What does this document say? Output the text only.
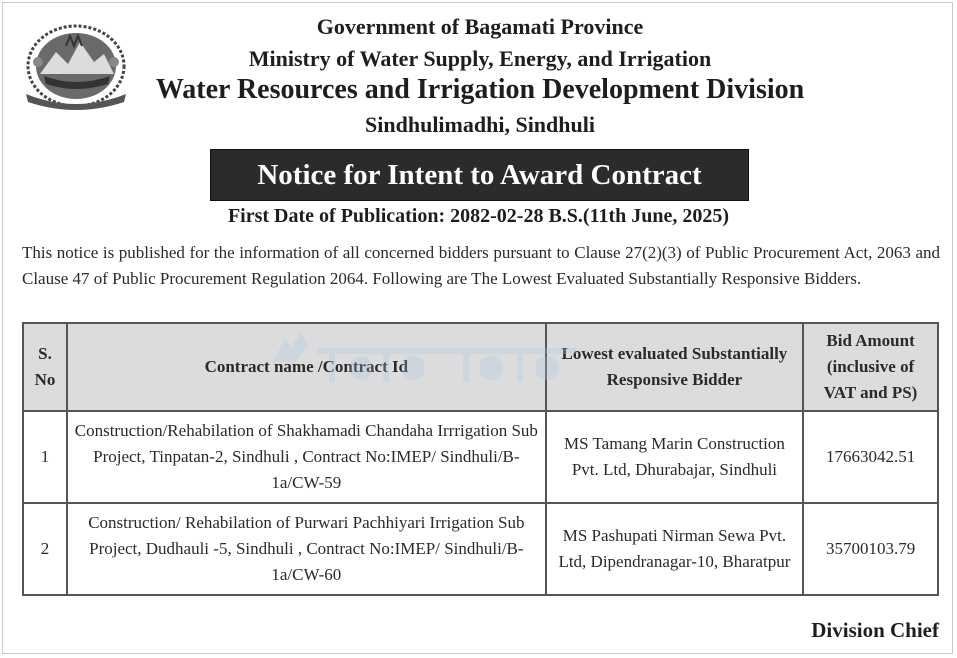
Government of Bagamati Province
Ministry of Water Supply, Energy, and Irrigation
Water Resources and Irrigation Development Division
Sindhulimadhi, Sindhuli
Notice for Intent to Award Contract
First Date of Publication: 2082-02-28 B.S.(11th June, 2025)
This notice is published for the information of all concerned bidders pursuant to Clause 27(2)(3) of Public Procurement Act, 2063 and Clause 47 of Public Procurement Regulation 2064. Following are The Lowest Evaluated Substantially Responsive Bidders.
S. No	Contract name /Contract Id	Lowest evaluated Substantially Responsive Bidder	Bid Amount (inclusive of VAT and PS)
1	Construction/Rehabilation of Shakhamadi Chandaha Irrrigation Sub Project, Tinpatan-2, Sindhuli , Contract No:IMEP/ Sindhuli/B-1a/CW-59	MS Tamang Marin Construction Pvt. Ltd, Dhurabajar, Sindhuli	17663042.51
2	Construction/ Rehabilation of Purwari Pachhiyari Irrigation Sub Project, Dudhauli -5, Sindhuli , Contract No:IMEP/ Sindhuli/B-1a/CW-60	MS Pashupati Nirman Sewa Pvt. Ltd, Dipendranagar-10, Bharatpur	35700103.79
Division Chief
